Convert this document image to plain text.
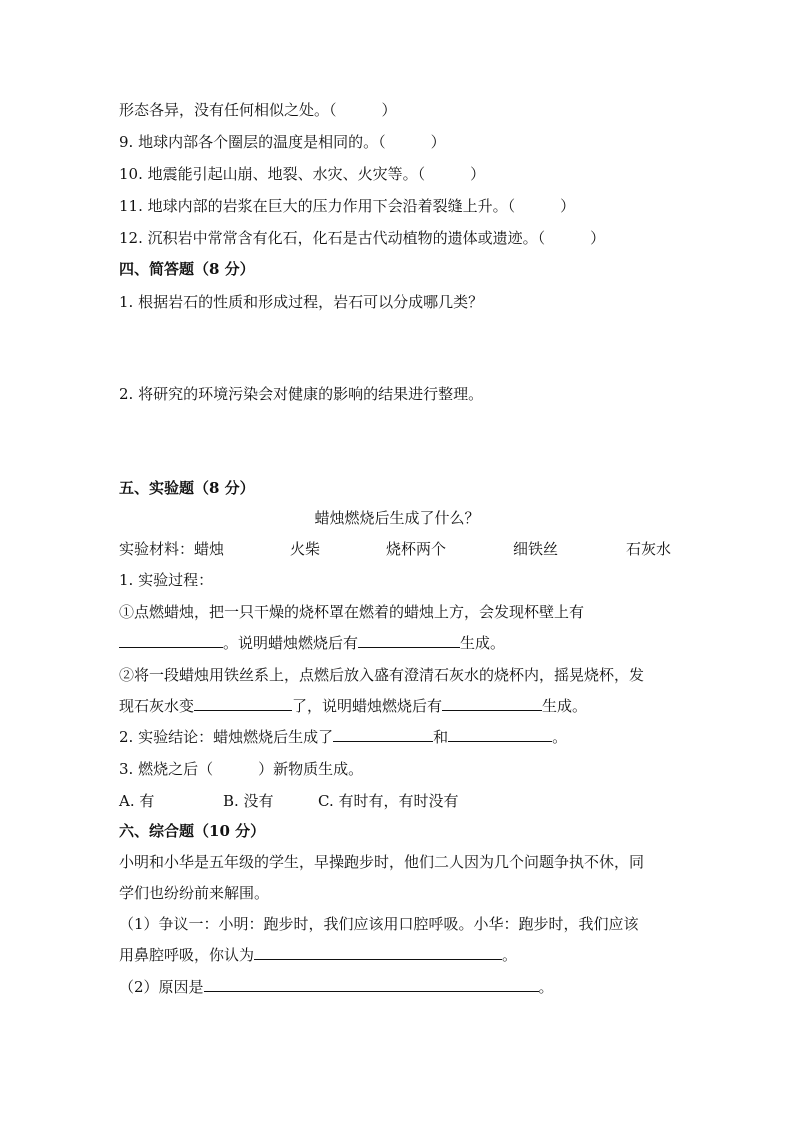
形态各异，没有任何相似之处。（　　　）

9. 地球内部各个圈层的温度是相同的。（　　　）

10. 地震能引起山崩、地裂、水灾、火灾等。（　　　）

11. 地球内部的岩浆在巨大的压力作用下会沿着裂缝上升。（　　　）

12. 沉积岩中常常含有化石，化石是古代动植物的遗体或遗迹。（　　　）

四、简答题（8 分）

1. 根据岩石的性质和形成过程，岩石可以分成哪几类？

2. 将研究的环境污染会对健康的影响的结果进行整理。

五、实验题（8 分）

蜡烛燃烧后生成了什么？

实验材料： 蜡烛	火柴	烧杯两个	细铁丝	石灰水

1. 实验过程：

①点燃蜡烛，把一只干燥的烧杯罩在燃着的蜡烛上方，会发现杯壁上有

。说明蜡烛燃烧后有	生成。

②将一段蜡烛用铁丝系上，点燃后放入盛有澄清石灰水的烧杯内，摇晃烧杯，发

现石灰水变	了，说明蜡烛燃烧后有	生成。

2. 实验结论：蜡烛燃烧后生成了	和	。

3. 燃烧之后（　　　）新物质生成。

A. 有	B. 没有	C. 有时有，有时没有

六、综合题（10 分）

小明和小华是五年级的学生，早操跑步时，他们二人因为几个问题争执不休，同

学们也纷纷前来解围。

（1）争议一：小明：跑步时，我们应该用口腔呼吸。小华：跑步时，我们应该

用鼻腔呼吸，你认为	。

（2）原因是	。
